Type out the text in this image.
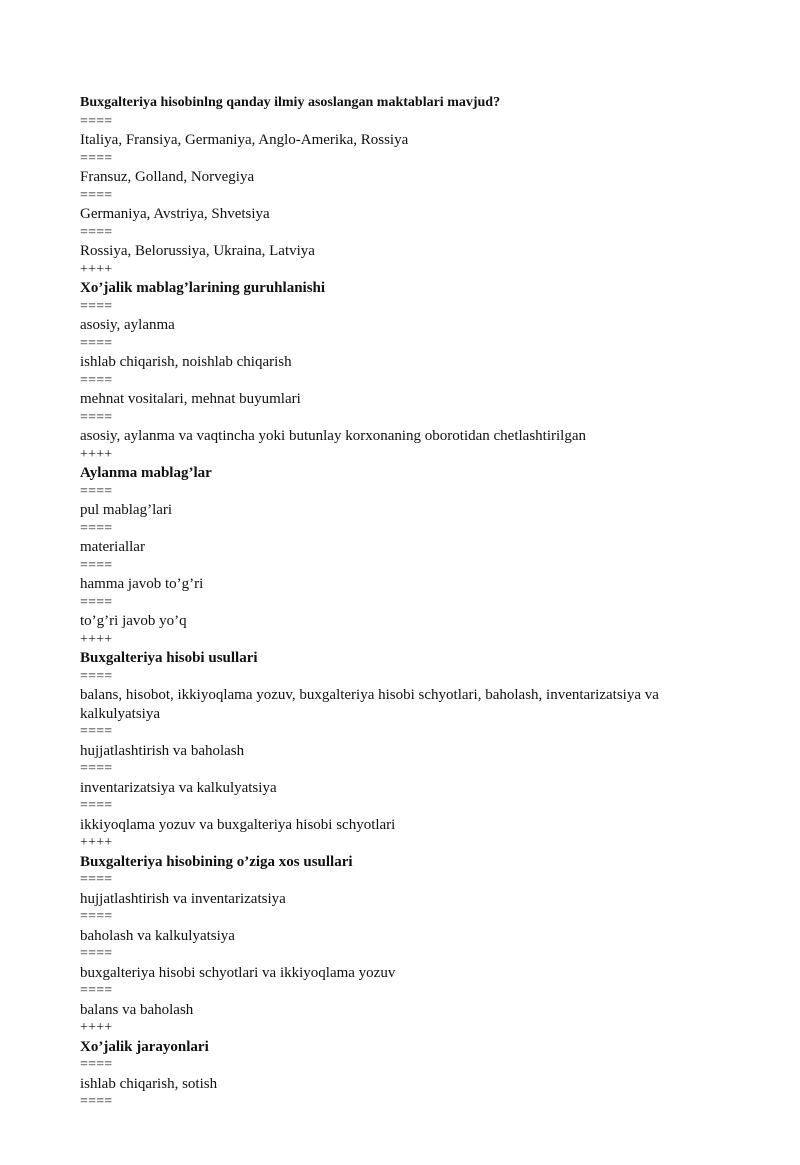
Buxgalteriya hisobinlng qanday ilmiy asoslangan maktablari mavjud?
====
Italiya, Fransiya, Germaniya, Anglo-Amerika, Rossiya
====
Fransuz, Golland, Norvegiya
====
Germaniya, Avstriya, Shvetsiya
====
Rossiya, Belorussiya, Ukraina, Latviya
++++
Xo’jalik mablag’larining guruhlanishi
====
asosiy, aylanma
====
ishlab chiqarish, noishlab chiqarish
====
mehnat vositalari, mehnat buyumlari
====
asosiy, aylanma va vaqtincha yoki butunlay korxonaning oborotidan chetlashtirilgan
++++
Aylanma mablag’lar
====
pul mablag’lari
====
materiallar
====
hamma javob to’g’ri
====
to’g’ri javob yo’q
++++
Buxgalteriya hisobi usullari
====
balans, hisobot, ikkiyoqlama yozuv, buxgalteriya hisobi schyotlari, baholash, inventarizatsiya va kalkulyatsiya
====
hujjatlashtirish va baholash
====
inventarizatsiya va kalkulyatsiya
====
ikkiyoqlama yozuv va buxgalteriya hisobi schyotlari
++++
Buxgalteriya hisobining o’ziga xos usullari
====
hujjatlashtirish va inventarizatsiya
====
baholash va kalkulyatsiya
====
buxgalteriya hisobi schyotlari va ikkiyoqlama yozuv
====
balans va baholash
++++
Xo’jalik jarayonlari
====
ishlab chiqarish, sotish
====
